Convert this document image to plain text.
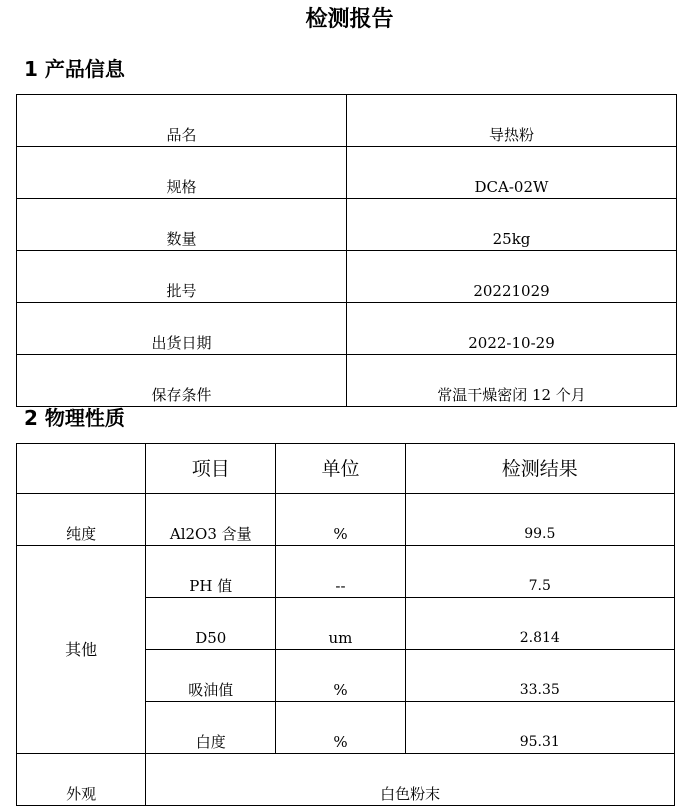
检测报告
1 产品信息
品名	导热粉
规格	DCA-02W
数量	25kg
批号	20221029
出货日期	2022-10-29
保存条件	常温干燥密闭 12 个月
2 物理性质
	项目	单位	检测结果
纯度	Al2O3 含量	%	99.5
其他	PH 值	--	7.5
	D50	um	2.814
	吸油值	%	33.35
	白度	%	95.31
外观	白色粉末		
